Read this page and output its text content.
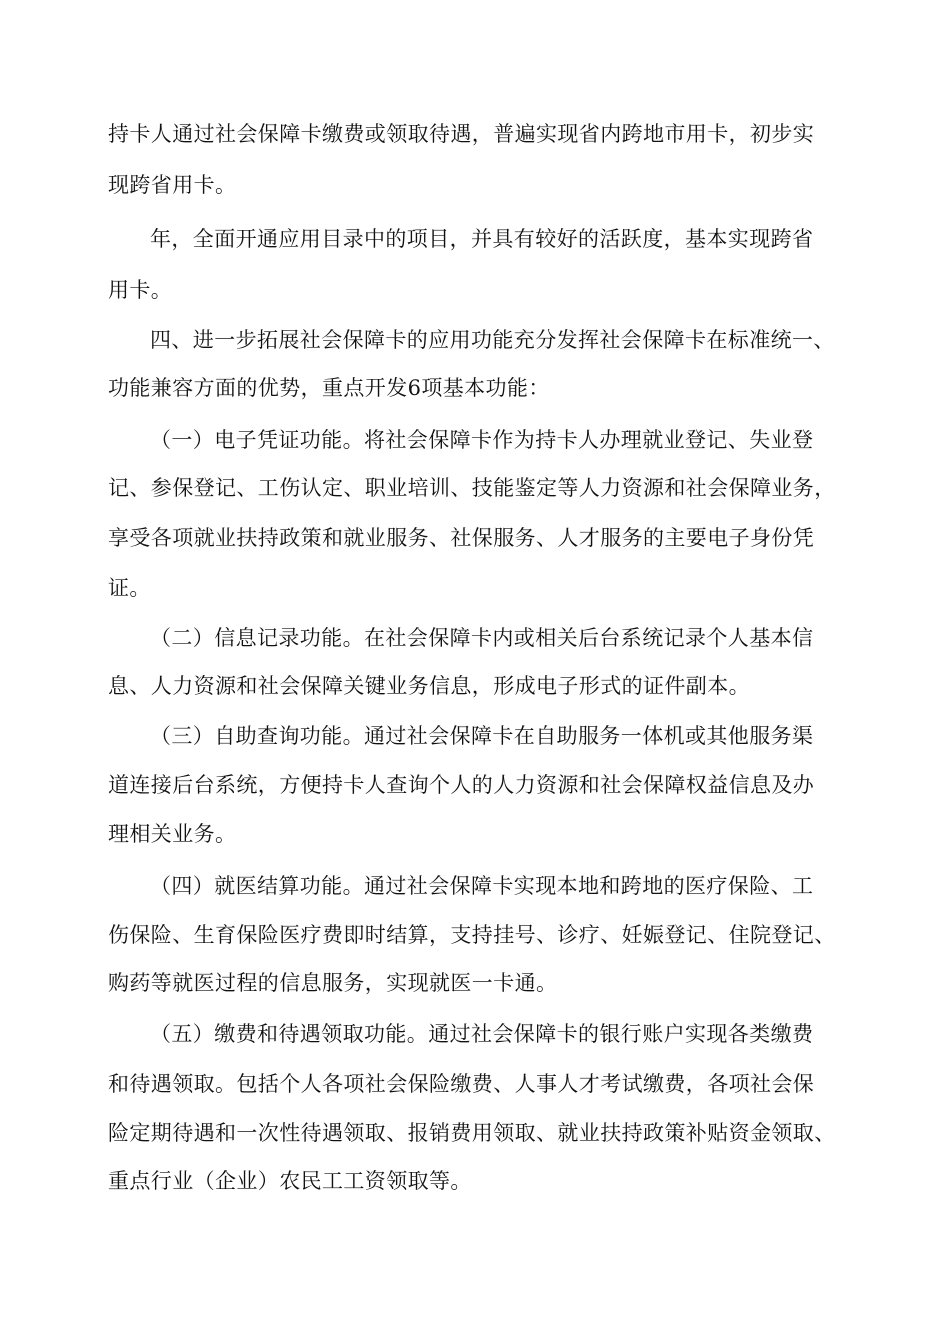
持卡人通过社会保障卡缴费或领取待遇，普遍实现省内跨地市用卡，初步实
现跨省用卡。
年，全面开通应用目录中的项目，并具有较好的活跃度，基本实现跨省
用卡。
四、进一步拓展社会保障卡的应用功能充分发挥社会保障卡在标准统一、
功能兼容方面的优势，重点开发6项基本功能：
（一）电子凭证功能。将社会保障卡作为持卡人办理就业登记、失业登
记、参保登记、工伤认定、职业培训、技能鉴定等人力资源和社会保障业务，
享受各项就业扶持政策和就业服务、社保服务、人才服务的主要电子身份凭
证。
（二）信息记录功能。在社会保障卡内或相关后台系统记录个人基本信
息、人力资源和社会保障关键业务信息，形成电子形式的证件副本。
（三）自助查询功能。通过社会保障卡在自助服务一体机或其他服务渠
道连接后台系统，方便持卡人查询个人的人力资源和社会保障权益信息及办
理相关业务。
（四）就医结算功能。通过社会保障卡实现本地和跨地的医疗保险、工
伤保险、生育保险医疗费即时结算，支持挂号、诊疗、妊娠登记、住院登记、
购药等就医过程的信息服务，实现就医一卡通。
（五）缴费和待遇领取功能。通过社会保障卡的银行账户实现各类缴费
和待遇领取。包括个人各项社会保险缴费、人事人才考试缴费，各项社会保
险定期待遇和一次性待遇领取、报销费用领取、就业扶持政策补贴资金领取、
重点行业（企业）农民工工资领取等。
